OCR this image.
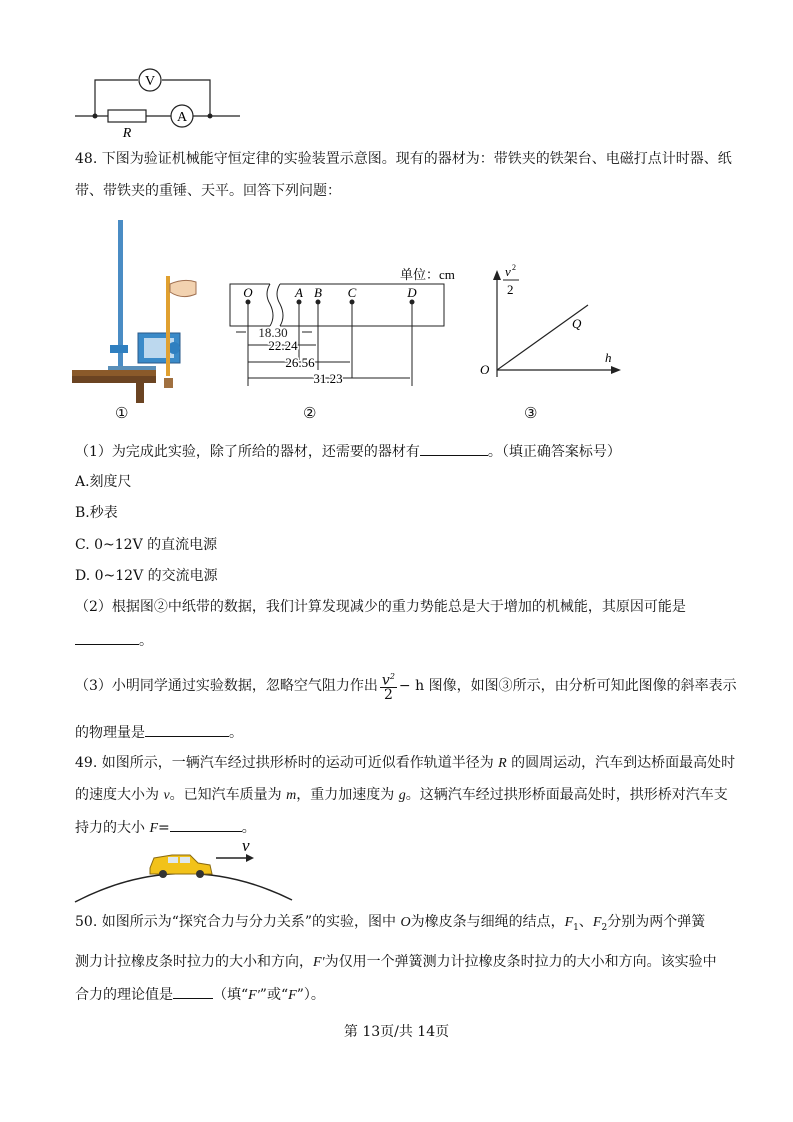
V
A
R
48. 下图为验证机械能守恒定律的实验装置示意图。现有的器材为：带铁夹的铁架台、电磁打点计时器、纸
带、带铁夹的重锤、天平。回答下列问题：
单位：cm
O	A B C	D
18.30
22.24
26.56
31.23
v 2
2
h
O
Q
①	②	③
（1）为完成此实验，除了所给的器材，还需要的器材有	。（填正确答案标号）
A.刻度尺
B.秒表
C. 0~12V 的直流电源
D. 0~12V 的交流电源
（2）根据图②中纸带的数据，我们计算发现减少的重力势能总是大于增加的机械能，其原因可能是
。
（3）小明同学通过实验数据，忽略空气阻力作出 $\frac{v^2}{2} - h$ 图像，如图③所示，由分析可知此图像的斜率表示
的物理量是	。
49. 如图所示，一辆汽车经过拱形桥时的运动可近似看作轨道半径为 R 的圆周运动，汽车到达桥面最高处时
的速度大小为 v。已知汽车质量为 m，重力加速度为 g。这辆汽车经过拱形桥面最高处时，拱形桥对汽车支
持力的大小 F=	。
v
50. 如图所示为“探究合力与分力关系”的实验，图中 O为橡皮条与细绳的结点，$F_1$、$F_2$分别为两个弹簧
测力计拉橡皮条时拉力的大小和方向，F′为仅用一个弹簧测力计拉橡皮条时拉力的大小和方向。该实验中
合力的理论值是	（填“F′”或“F”）。
第 13页/共 14页
